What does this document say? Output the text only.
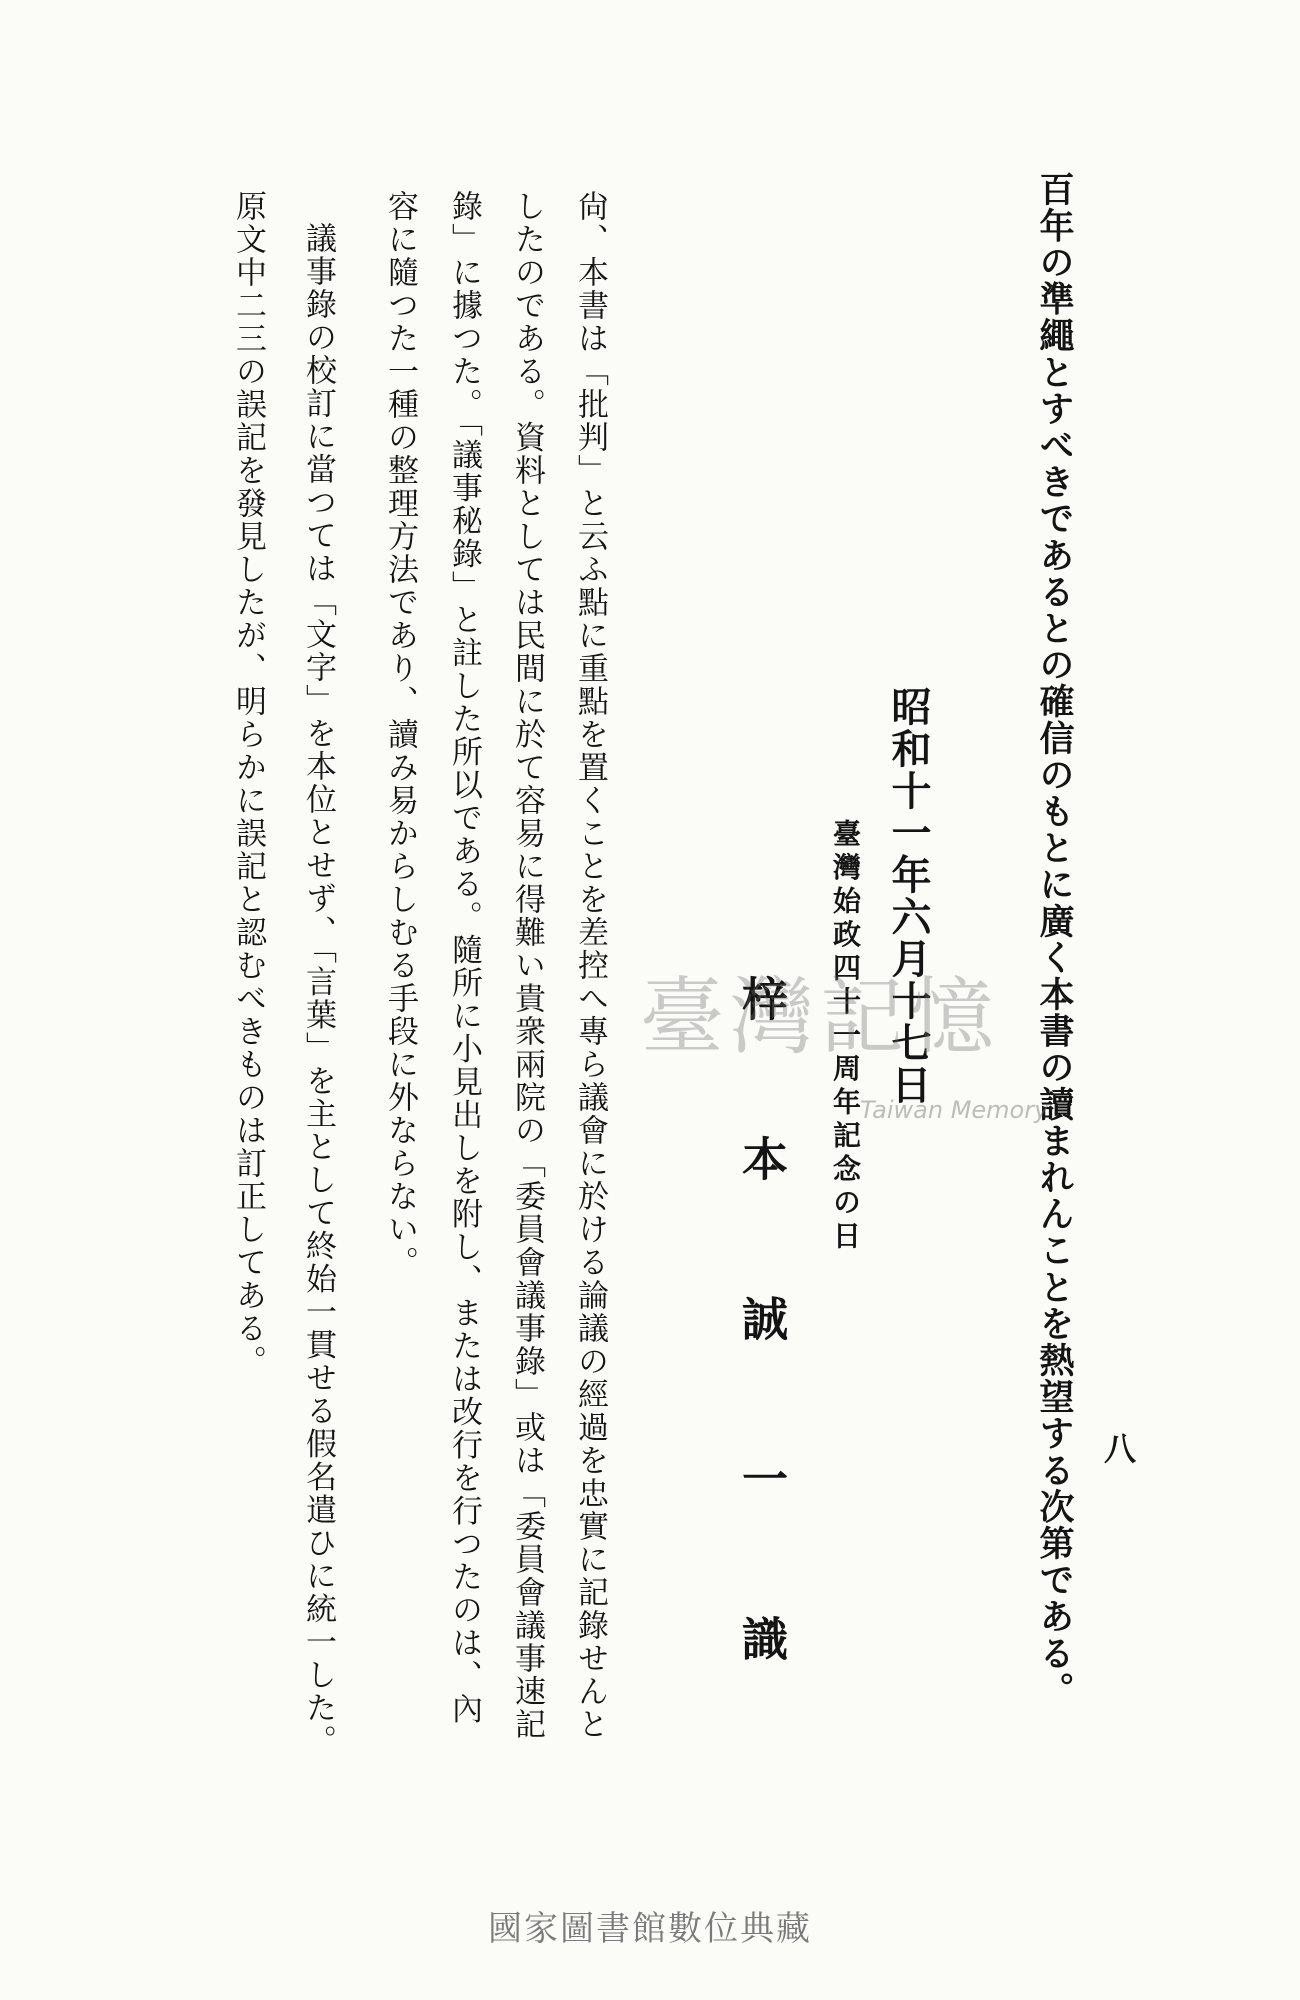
八
百年の準繩とすべきであるとの確信のもとに廣く本書の讀まれんことを熱望する次第である。
昭和十一年六月十七日
臺灣始政四十一周年記念の日
梓本誠一識
尙、本書は「批判」と云ふ點に重點を置くことを差控へ專ら議會に於ける論議の經過を忠實に記錄せんと
したのである。資料としては民間に於て容易に得難い貴衆兩院の「委員會議事錄」或は「委員會議事速記
錄」に據つた。「議事秘錄」と註した所以である。隨所に小見出しを附し、または改行を行つたのは、內
容に隨つた一種の整理方法であり、讀み易からしむる手段に外ならない。
議事錄の校訂に當つては「文字」を本位とせず、「言葉」を主として終始一貫せる假名遣ひに統一した。
原文中二三の誤記を發見したが、明らかに誤記と認むべきものは訂正してある。	臺灣記憶
Taiwan Memory
國家圖書館數位典藏
